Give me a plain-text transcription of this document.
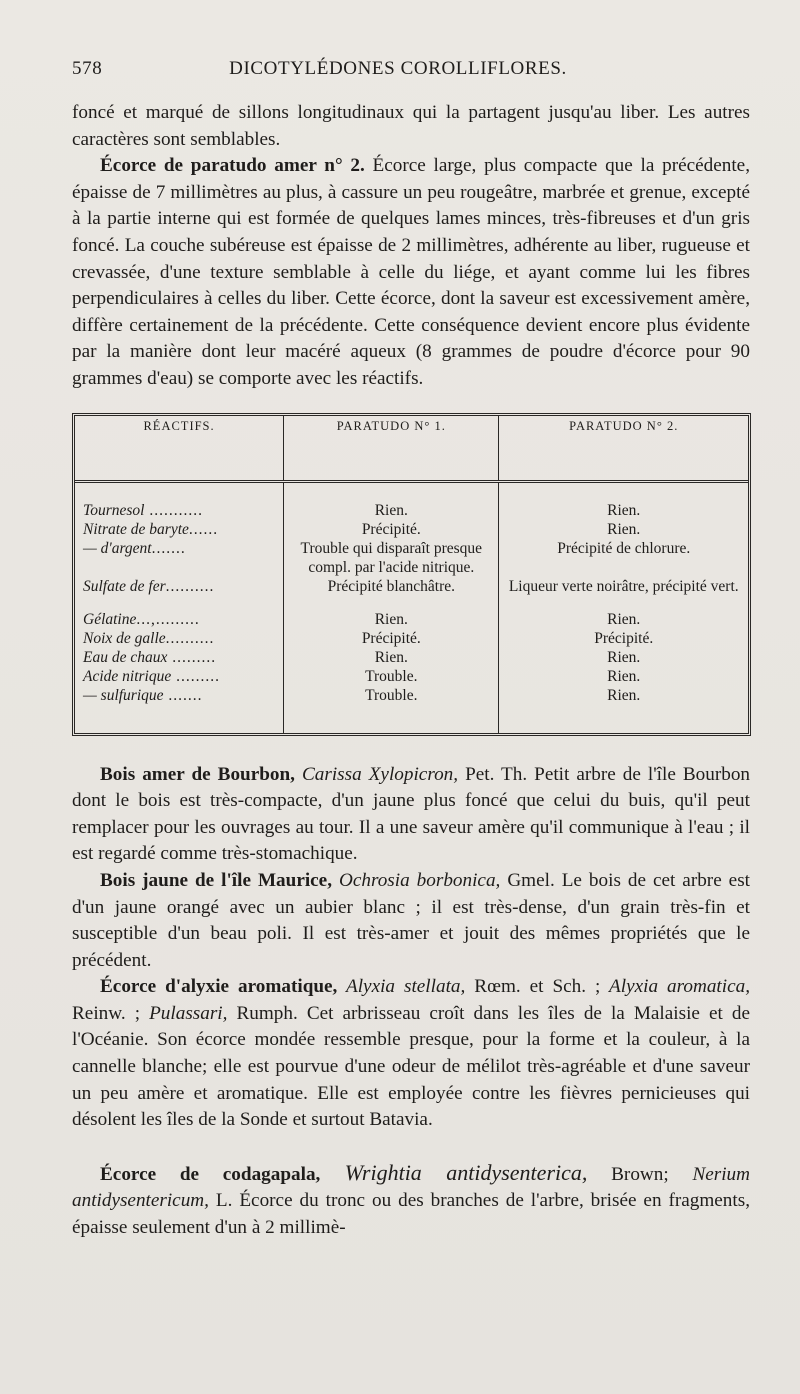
578	DICOTYLÉDONES COROLLIFLORES.

foncé et marqué de sillons longitudinaux qui la partagent jusqu'au liber. Les autres caractères sont semblables.

Écorce de paratudo amer n° 2. Écorce large, plus compacte que la précédente, épaisse de 7 millimètres au plus, à cassure un peu rougeâtre, marbrée et grenue, excepté à la partie interne qui est formée de quelques lames minces, très-fibreuses et d'un gris foncé. La couche subéreuse est épaisse de 2 millimètres, adhérente au liber, rugueuse et crevassée, d'une texture semblable à celle du liége, et ayant comme lui les fibres perpendiculaires à celles du liber. Cette écorce, dont la saveur est excessivement amère, diffère certainement de la précédente. Cette conséquence devient encore plus évidente par la manière dont leur macéré aqueux (8 grammes de poudre d'écorce pour 90 grammes d'eau) se comporte avec les réactifs.

RÉACTIFS.	PARATUDO N° 1.	PARATUDO N° 2.
Tournesol ...........	Rien.	Rien.
Nitrate de baryte......	Précipité.	Rien.
— d'argent.......	Trouble qui disparaît presque compl. par l'acide nitrique.	Précipité de chlorure.
Sulfate de fer..........	Précipité blanchâtre.	Liqueur verte noirâtre, précipité vert.
Gélatine...,.........	Rien.	Rien.
Noix de galle..........	Précipité.	Précipité.
Eau de chaux .........	Rien.	Rien.
Acide nitrique .........	Trouble.	Rien.
— sulfurique .......	Trouble.	Rien.

Bois amer de Bourbon, Carissa Xylopicron, Pet. Th. Petit arbre de l'île Bourbon dont le bois est très-compacte, d'un jaune plus foncé que celui du buis, qu'il peut remplacer pour les ouvrages au tour. Il a une saveur amère qu'il communique à l'eau ; il est regardé comme très-stomachique.

Bois jaune de l'île Maurice, Ochrosia borbonica, Gmel. Le bois de cet arbre est d'un jaune orangé avec un aubier blanc ; il est très-dense, d'un grain très-fin et susceptible d'un beau poli. Il est très-amer et jouit des mêmes propriétés que le précédent.

Écorce d'alyxie aromatique, Alyxia stellata, Rœm. et Sch. ; Alyxia aromatica, Reinw. ; Pulassari, Rumph. Cet arbrisseau croît dans les îles de la Malaisie et de l'Océanie. Son écorce mondée ressemble presque, pour la forme et la couleur, à la cannelle blanche; elle est pourvue d'une odeur de mélilot très-agréable et d'une saveur un peu amère et aromatique. Elle est employée contre les fièvres pernicieuses qui désolent les îles de la Sonde et surtout Batavia.

Écorce de codagapala, Wrightia antidysenterica, Brown; Nerium antidysentericum, L. Écorce du tronc ou des branches de l'arbre, brisée en fragments, épaisse seulement d'un à 2 millimè-
